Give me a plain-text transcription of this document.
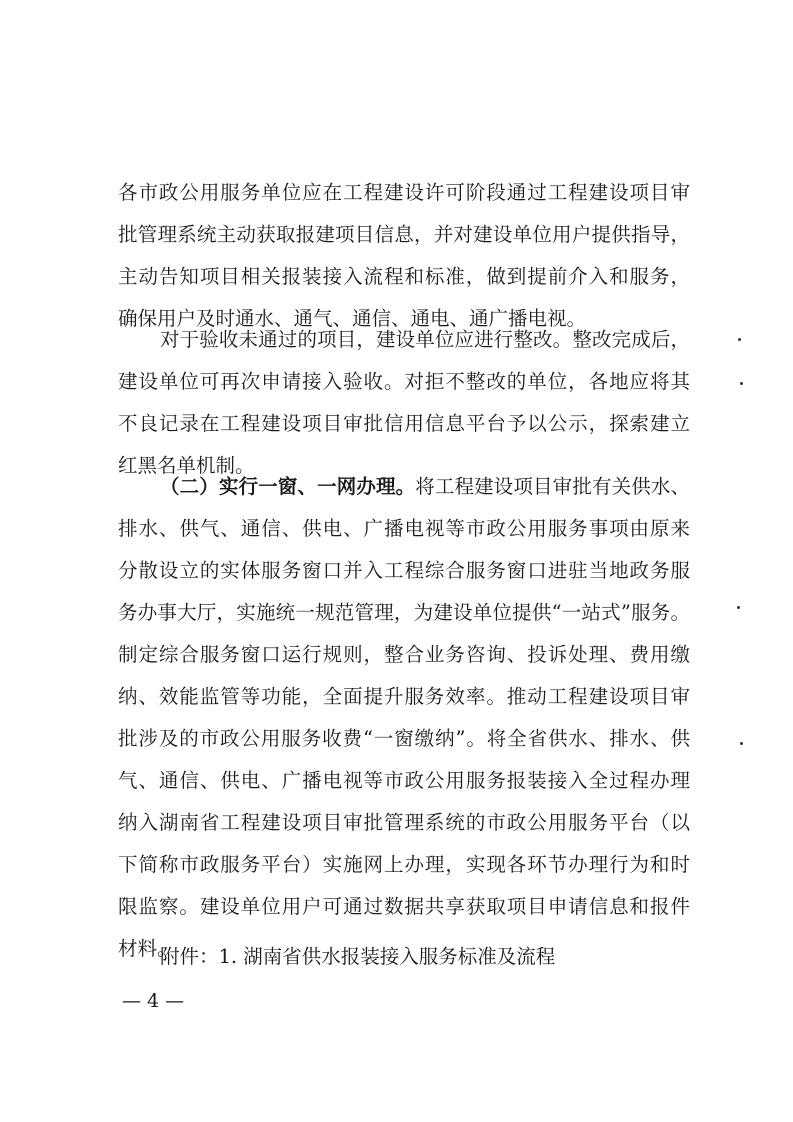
各市政公用服务单位应在工程建设许可阶段通过工程建设项目审
批管理系统主动获取报建项目信息，并对建设单位用户提供指导，
主动告知项目相关报装接入流程和标准，做到提前介入和服务，
确保用户及时通水、通气、通信、通电、通广播电视。
对于验收未通过的项目，建设单位应进行整改。整改完成后，
建设单位可再次申请接入验收。对拒不整改的单位，各地应将其
不良记录在工程建设项目审批信用信息平台予以公示，探索建立
红黑名单机制。
（二）实行一窗、一网办理。将工程建设项目审批有关供水、
排水、供气、通信、供电、广播电视等市政公用服务事项由原来
分散设立的实体服务窗口并入工程综合服务窗口进驻当地政务服
务办事大厅，实施统一规范管理，为建设单位提供“一站式”服务。
制定综合服务窗口运行规则，整合业务咨询、投诉处理、费用缴
纳、效能监管等功能，全面提升服务效率。推动工程建设项目审
批涉及的市政公用服务收费“一窗缴纳”。将全省供水、排水、供
气、通信、供电、广播电视等市政公用服务报装接入全过程办理
纳入湖南省工程建设项目审批管理系统的市政公用服务平台（以
下简称市政服务平台）实施网上办理，实现各环节办理行为和时
限监察。建设单位用户可通过数据共享获取项目申请信息和报件
材料。
附件：1. 湖南省供水报装接入服务标准及流程
— 4 —
